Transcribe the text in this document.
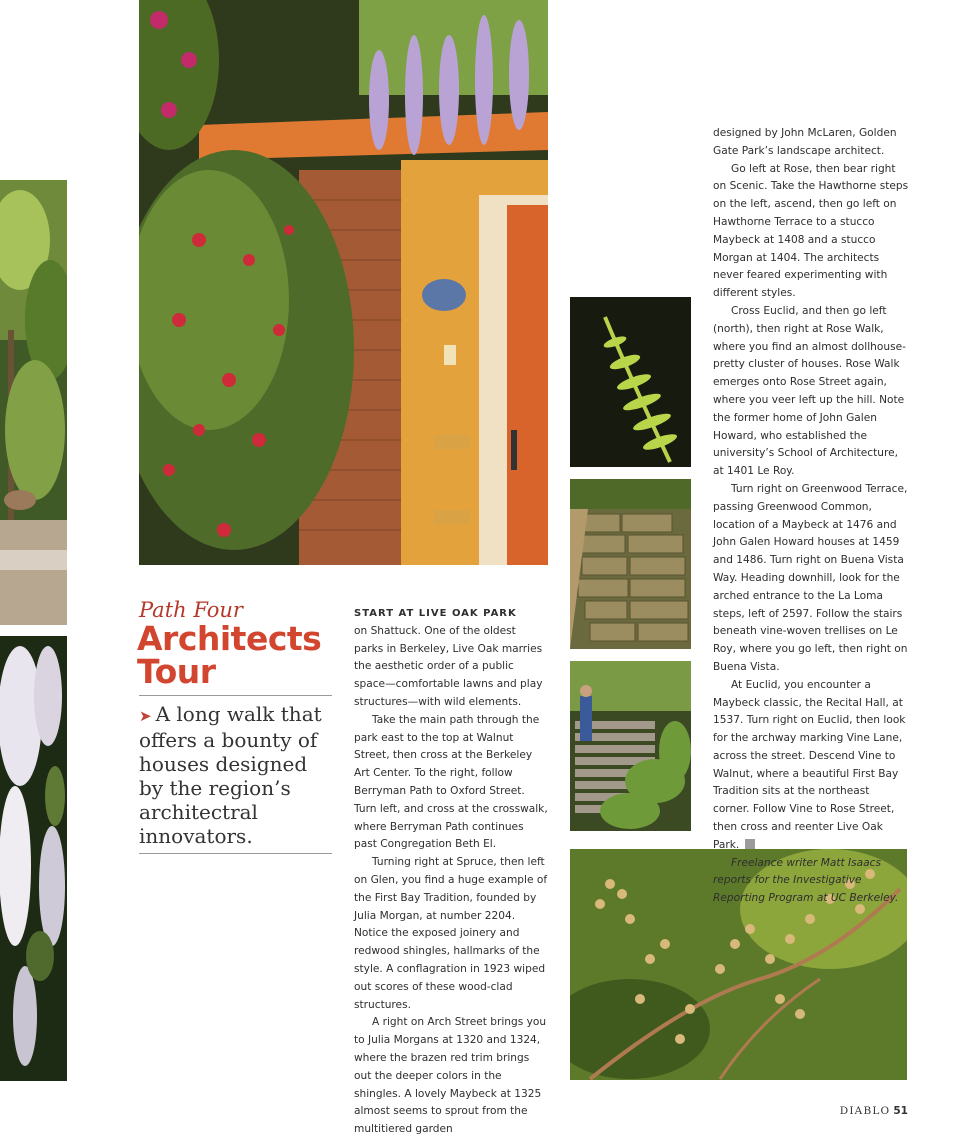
Path Four
Architects Tour
➤ A long walk that offers a bounty of houses designed by the region’s architectral innovators.

START AT LIVE OAK PARK
on Shattuck. One of the oldest parks in Berkeley, Live Oak marries the aesthetic order of a public space—comfortable lawns and play structures—with wild elements.

Take the main path through the park east to the top at Walnut Street, then cross at the Berkeley Art Center. To the right, follow Berryman Path to Oxford Street. Turn left, and cross at the crosswalk, where Berryman Path continues past Congregation Beth El.

Turning right at Spruce, then left on Glen, you find a huge example of the First Bay Tradition, founded by Julia Morgan, at number 2204. Notice the exposed joinery and redwood shingles, hallmarks of the style. A conflagration in 1923 wiped out scores of these wood-clad structures.

A right on Arch Street brings you to Julia Morgans at 1320 and 1324, where the brazen red trim brings out the deeper colors in the shingles. A lovely Maybeck at 1325 almost seems to sprout from the multitiered garden

designed by John McLaren, Golden Gate Park’s landscape architect.

Go left at Rose, then bear right on Scenic. Take the Hawthorne steps on the left, ascend, then go left on Hawthorne Terrace to a stucco Maybeck at 1408 and a stucco Morgan at 1404. The architects never feared experimenting with different styles.

Cross Euclid, and then go left (north), then right at Rose Walk, where you find an almost dollhouse-pretty cluster of houses. Rose Walk emerges onto Rose Street again, where you veer left up the hill. Note the former home of John Galen Howard, who established the university’s School of Architecture, at 1401 Le Roy.

Turn right on Greenwood Terrace, passing Greenwood Common, location of a Maybeck at 1476 and John Galen Howard houses at 1459 and 1486. Turn right on Buena Vista Way. Heading downhill, look for the arched entrance to the La Loma steps, left of 2597. Follow the stairs beneath vine-woven trellises on Le Roy, where you go left, then right on Buena Vista.

At Euclid, you encounter a Maybeck classic, the Recital Hall, at 1537. Turn right on Euclid, then look for the archway marking Vine Lane, across the street. Descend Vine to Walnut, where a beautiful First Bay Tradition sits at the northeast corner. Follow Vine to Rose Street, then cross and reenter Live Oak Park.

Freelance writer Matt Isaacs reports for the Investigative Reporting Program at UC Berkeley.

DIABLO 51
